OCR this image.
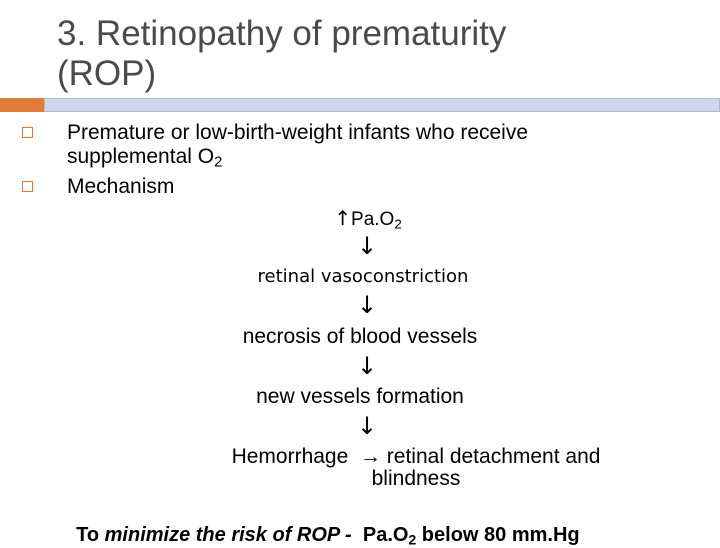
3. Retinopathy of prematurity
(ROP)
Premature or low-birth-weight infants who receive
supplemental $O_2$
Mechanism
$↑Pa.O_2$
↓
retinal vasoconstriction
↓
necrosis of blood vessels
↓
new vessels formation
↓
Hemorrhage  → retinal detachment and
blindness

To minimize the risk of ROP - $Pa.O_2$ below 80 mm.Hg
